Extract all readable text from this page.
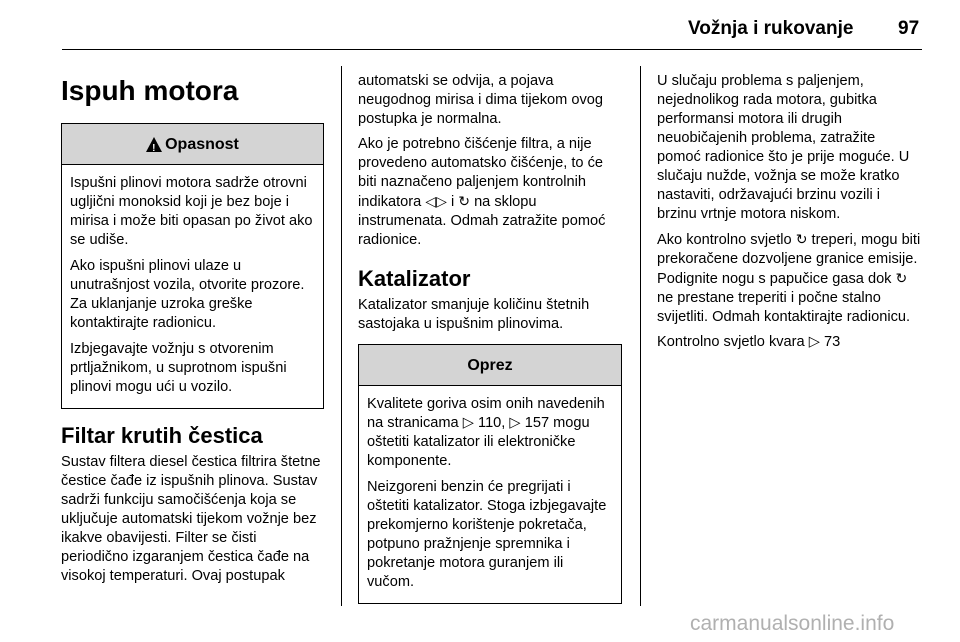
Vožnja i rukovanje 97
Ispuh motora
!
Opasnost

Ispušni plinovi motora sadrže otrovni ugljični monoksid koji je bez boje i mirisa i može biti opasan po život ako se udiše.

Ako ispušni plinovi ulaze u unutrašnjost vozila, otvorite prozore. Za uklanjanje uzroka greške kontaktirajte radionicu.

Izbjegavajte vožnju s otvorenim prtljažnikom, u suprotnom ispušni plinovi mogu ući u vozilo.

Filtar krutih čestica

Sustav filtera diesel čestica filtrira štetne čestice čađe iz ispušnih plinova. Sustav sadrži funkciju samočišćenja koja se uključuje automatski tijekom vožnje bez ikakve obavijesti. Filter se čisti periodično izgaranjem čestica čađe na visokoj temperaturi. Ovaj postupak

automatski se odvija, a pojava neugodnog mirisa i dima tijekom ovog postupka je normalna.

Ako je potrebno čišćenje filtra, a nije provedeno automatsko čišćenje, to će biti naznačeno paljenjem kontrolnih indikatora ◁▷ i ↻ na sklopu instrumenata. Odmah zatražite pomoć radionice.

Katalizator

Katalizator smanjuje količinu štetnih sastojaka u ispušnim plinovima.

Oprez

Kvalitete goriva osim onih navedenih na stranicama ▷ 110, ▷ 157 mogu oštetiti katalizator ili elektroničke komponente.

Neizgoreni benzin će pregrijati i oštetiti katalizator. Stoga izbjegavajte prekomjerno korištenje pokretača, potpuno pražnjenje spremnika i pokretanje motora guranjem ili vučom.

U slučaju problema s paljenjem, nejednolikog rada motora, gubitka performansi motora ili drugih neuobičajenih problema, zatražite pomoć radionice što je prije moguće. U slučaju nužde, vožnja se može kratko nastaviti, održavajući brzinu vozili i brzinu vrtnje motora niskom.

Ako kontrolno svjetlo ↻ treperi, mogu biti prekoračene dozvoljene granice emisije. Podignite nogu s papučice gasa dok ↻ ne prestane treperiti i počne stalno svijetliti. Odmah kontaktirajte radionicu.

Kontrolno svjetlo kvara ▷ 73

carmanualsonline.info
